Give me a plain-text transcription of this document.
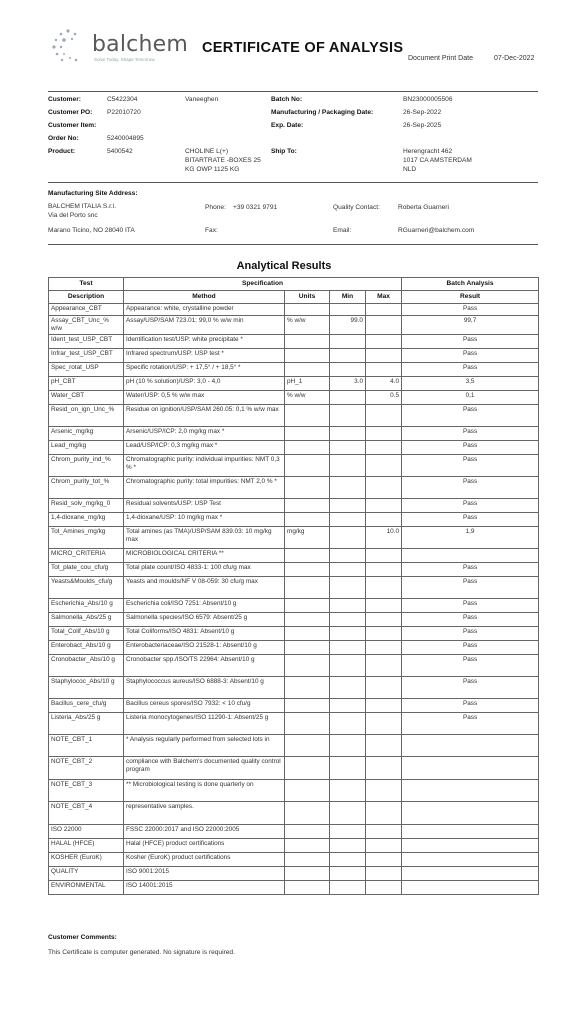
balchem
Solve Today. Shape Tomorrow.
CERTIFICATE OF ANALYSIS
Document Print Date	07-Dec-2022
Customer:	C5422304	Vaneeghen
Customer PO: P22010720
Customer Item:
Order No:	5240004895
Product:	5400542	CHOLINE L(+)
BITARTRATE -BOXES 25
KG OWP 1125 KG
Batch No:	BN23000005506
Manufacturing / Packaging Date:	26-Sep-2022
Exp. Date:	26-Sep-2025
Ship To:	Herengracht 462
1017 CA AMSTERDAM
NLD
Manufacturing Site Address:
BALCHEM ITALIA S.r.l.
Via del Porto snc
Marano Ticino, NO 28040 ITA
Phone: +39 0321 9791
Fax:
Quality Contact:	Roberta Guarneri
Email:	RGuarneri@balchem.com
Analytical Results
Test	Specification				Batch Analysis
Description	Method	Units	Min	Max	Result
Appearance_CBT	Appearance: white, crystalline powder				Pass
Assay_CBT_Unc_% w/w	Assay/USP/SAM 723.01: 99,0 % w/w min	% w/w	99.0		99,7
Ident_test_USP_CBT	Identification test/USP: white precipitate *				Pass
Infrar_test_USP_CBT	Infrared spectrum/USP: USP test *				Pass
Spec_rotat_USP	Specific rotation/USP: + 17,5° / + 18,5° *				Pass
pH_CBT	pH (10 % solution)/USP: 3,0 - 4,0	pH_1	3.0	4.0	3,5
Water_CBT	Water/USP: 0,5 % w/w max	% w/w		0.5	0,1
Resid_on_ign_Unc_%	Residue on ignition/USP/SAM 260.05: 0,1 % w/w max				Pass
Arsenic_mg/kg	Arsenic/USP/ICP: 2,0 mg/kg max *				Pass
Lead_mg/kg	Lead/USP/ICP: 0,3 mg/kg max *				Pass
Chrom_purity_ind_%	Chromatographic purity: individual impurities: NMT 0,3 % *				Pass
Chrom_purity_tot_%	Chromatographic purity: total impurities: NMT 2,0 % *				Pass
Resid_solv_mg/kg_0	Residual solvents/USP: USP Test				Pass
1,4-dioxane_mg/kg	1,4-dioxane/USP: 10 mg/kg max *				Pass
Tot_Amines_mg/kg	Total amines (as TMA)/USP/SAM 839.03: 10 mg/kg max	mg/kg		10.0	1,9
MICRO_CRITERIA	MICROBIOLOGICAL CRITERIA **				
Tot_plate_cou_cfu/g	Total plate count/ISO 4833-1: 100 cfu/g max				Pass
Yeasts&Moulds_cfu/g	Yeasts and moulds/NF V 08-059: 30 cfu/g max				Pass
Escherichia_Abs/10 g	Escherichia coli/ISO 7251: Absent/10 g				Pass
Salmonella_Abs/25 g	Salmonella species/ISO 6579: Absent/25 g				Pass
Total_Colif_Abs/10 g	Total Coliforms/ISO 4831: Absent/10 g				Pass
Enterobact_Abs/10 g	Enterobacteriaceae/ISO 21528-1: Absent/10 g				Pass
Cronobacter_Abs/10 g	Cronobacter spp./ISO/TS 22964: Absent/10 g				Pass
Staphylococ_Abs/10 g	Staphylococcus aureus/ISO 6888-3: Absent/10 g				Pass
Bacillus_cere_cfu/g	Bacillus cereus spores/ISO 7932: < 10 cfu/g				Pass
Listeria_Abs/25 g	Listeria monocytogenes/ISO 11290-1: Absent/25 g				Pass
NOTE_CBT_1	* Analysis regularly performed from selected lots in				
NOTE_CBT_2	compliance with Balchem's documented quality control program				
NOTE_CBT_3	** Microbiological testing is done quarterly on				
NOTE_CBT_4	representative samples.				
ISO 22000	FSSC 22000:2017 and ISO 22000:2005				
HALAL (HFCE)	Halal (HFCE) product certifications				
KOSHER (EuroK)	Kosher (EuroK) product certifications				
QUALITY	ISO 9001:2015				
ENVIRONMENTAL	ISO 14001:2015				
Customer Comments:
This Certificate is computer generated. No signature is required.
